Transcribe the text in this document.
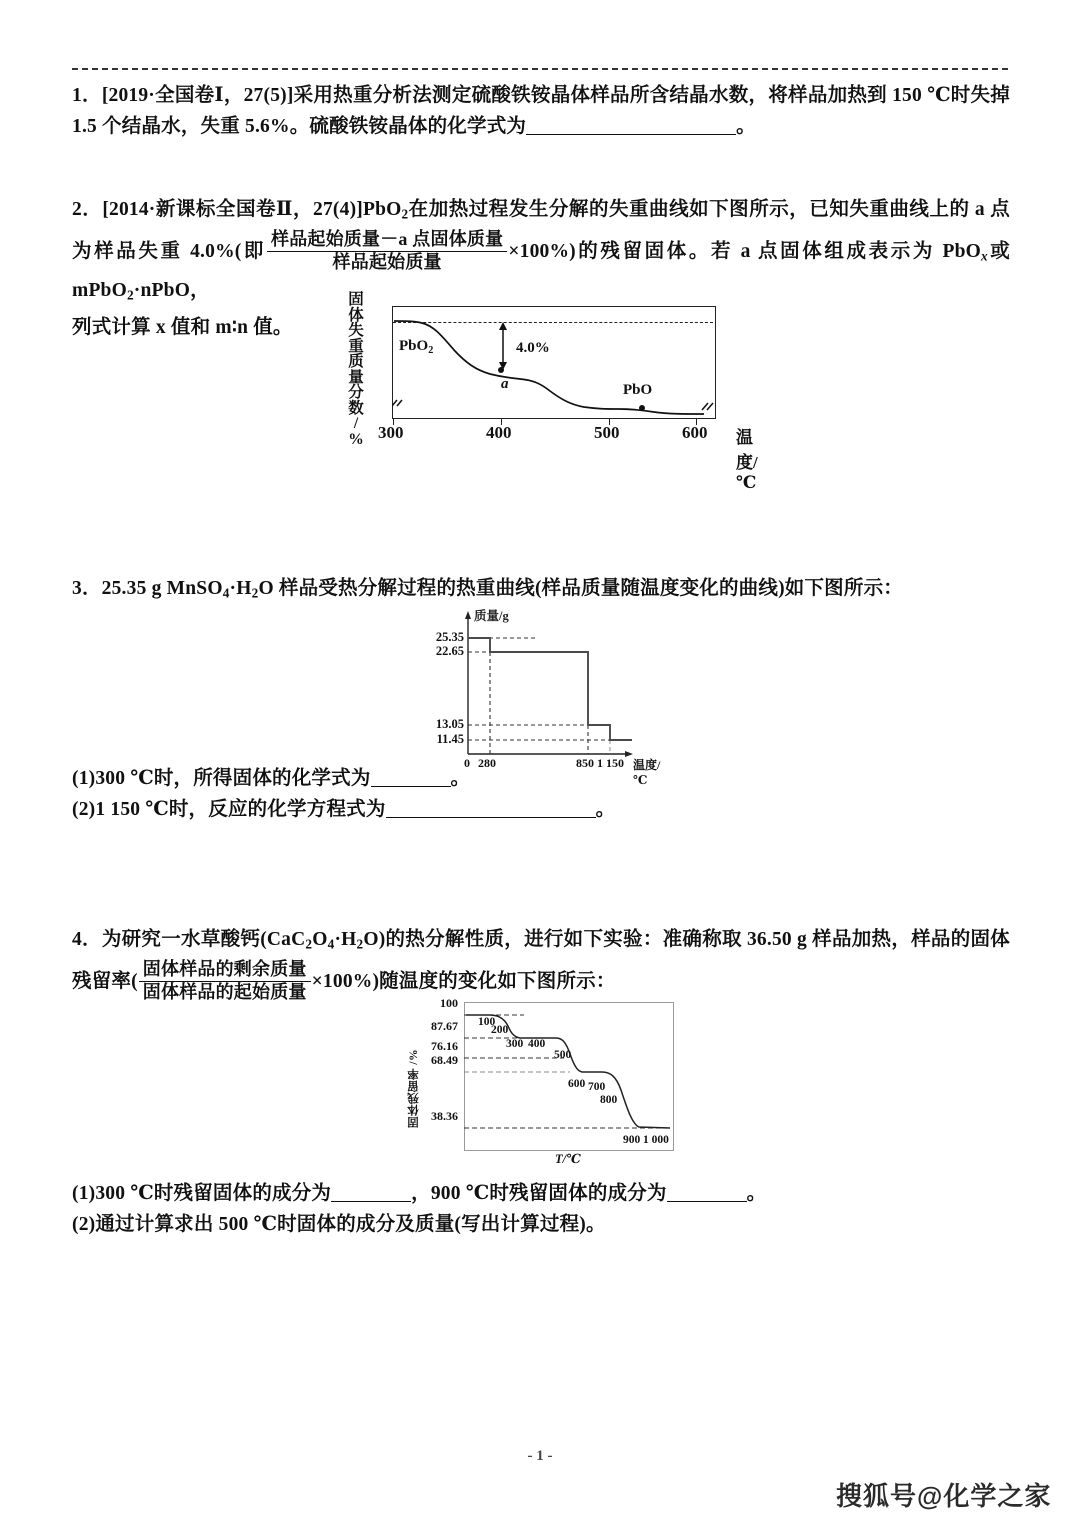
1．[2019·全国卷Ⅰ，27(5)]采用热重分析法测定硫酸铁铵晶体样品所含结晶水数，将样品加热到 150 ℃时失掉 1.5 个结晶水，失重 5.6%。硫酸铁铵晶体的化学式为	。
2．[2014·新课标全国卷Ⅱ，27(4)]PbO$_2$在加热过程发生分解的失重曲线如下图所示，已知失重曲线上的 a 点为样品失重 4.0%(即 $\frac{\text{样品起始质量－a 点固体质量}}{\text{样品起始质量}} \times 100\%$)的残留固体。若 a 点固体组成表示为 PbO$_x$或 mPbO$_2$·nPbO，
列式计算 x 值和 m∶n 值。
固
体
失
重
质
量
分
数
/
%
PbO$_2$	4.0%
a	PbO
300	400	500	600 温度/℃
3．25.35 g $MnSO_4\cdot H_2O$ 样品受热分解过程的热重曲线(样品质量随温度变化的曲线)如下图所示：
质量/g
25.35
22.65
13.05
11.45
0 280	850 1 150 温度/℃
(1)300 ℃时，所得固体的化学式为	。
(2)1 150 ℃时，反应的化学方程式为	。
4．为研究一水草酸钙$(CaC_2O_4\cdot H_2O)$的热分解性质，进行如下实验：准确称取 36.50 g 样品加热，样品的固体残留率( $\frac{\text{固体样品的剩余质量}}{\text{固体样品的起始质量}} \times 100\%$)随温度的变化如下图所示：
固体残留率 /%
100
87.67
76.16
68.49
38.36
100
200
300 400
500
600 700
800
900 1 000
T/℃
(1)300 ℃时残留固体的成分为	，900 ℃时残留固体的成分为	。
(2)通过计算求出 500 ℃时固体的成分及质量(写出计算过程)。
- 1 -
搜狐号@化学之家
